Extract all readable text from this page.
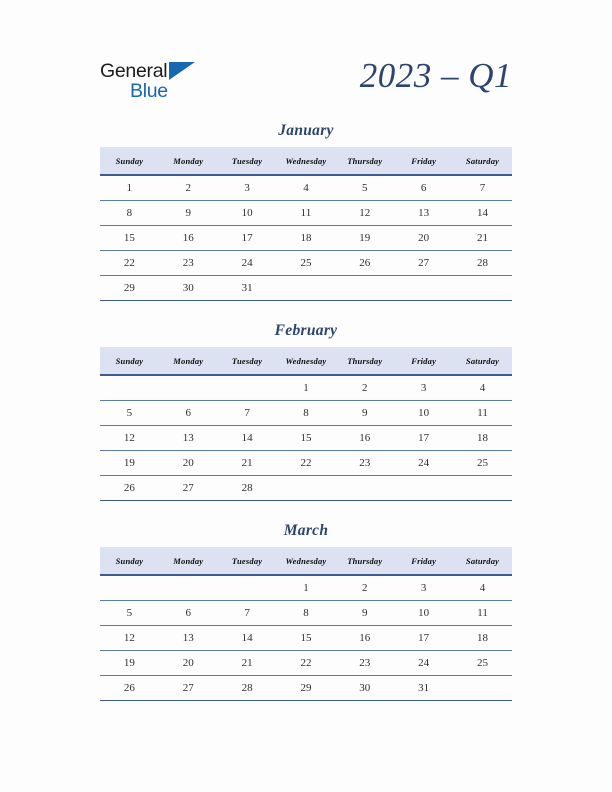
General
Blue	2023 – Q1
January
Sunday	Monday	Tuesday	Wednesday	Thursday	Friday	Saturday
1	2	3	4	5	6	7
8	9	10	11	12	13	14
15	16	17	18	19	20	21
22	23	24	25	26	27	28
29	30	31				
February
Sunday	Monday	Tuesday	Wednesday	Thursday	Friday	Saturday
			1	2	3	4
5	6	7	8	9	10	11
12	13	14	15	16	17	18
19	20	21	22	23	24	25
26	27	28				
March
Sunday	Monday	Tuesday	Wednesday	Thursday	Friday	Saturday
			1	2	3	4
5	6	7	8	9	10	11
12	13	14	15	16	17	18
19	20	21	22	23	24	25
26	27	28	29	30	31	
